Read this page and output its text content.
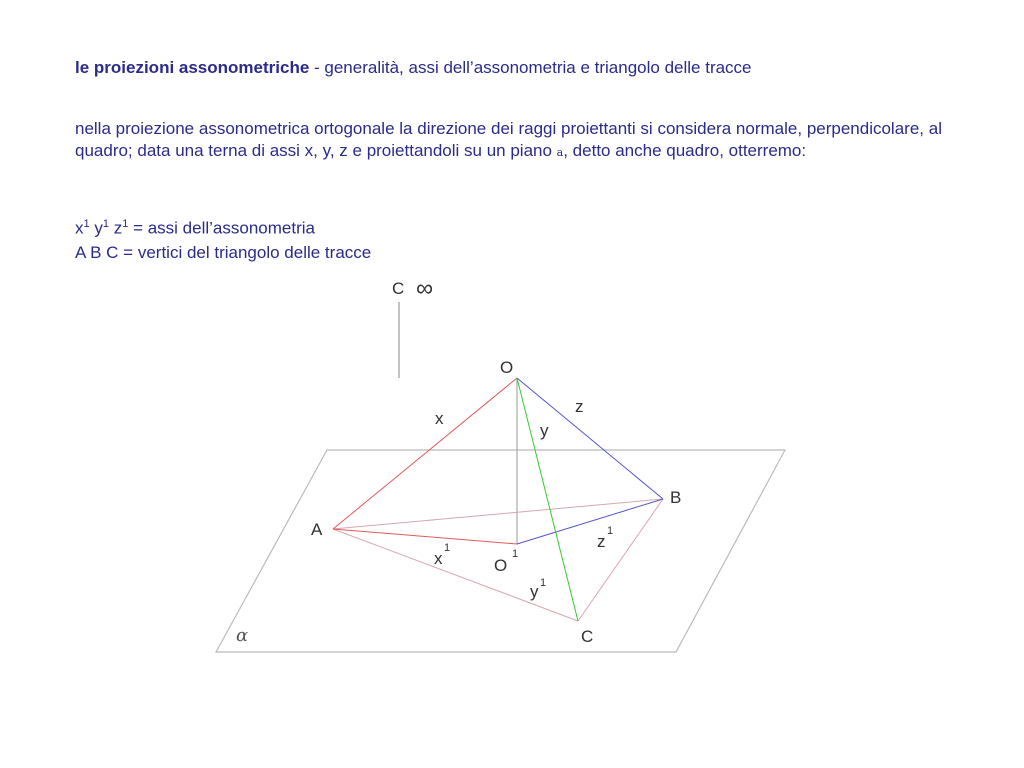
le proiezioni assonometriche - generalità, assi dell’assonometria e triangolo delle tracce
nella proiezione assonometrica ortogonale la direzione dei raggi proiettanti si considera normale, perpendicolare, al quadro; data una terna di assi x, y, z e proiettandoli su un piano a, detto anche quadro, otterremo:
$x^1$ $y^1$ $z^1$ = assi dell’assonometria
A B C = vertici del triangolo delle tracce
C ∞
O
x
y
z
A
B
C
x
1
O
1
y 1
z
1
α
